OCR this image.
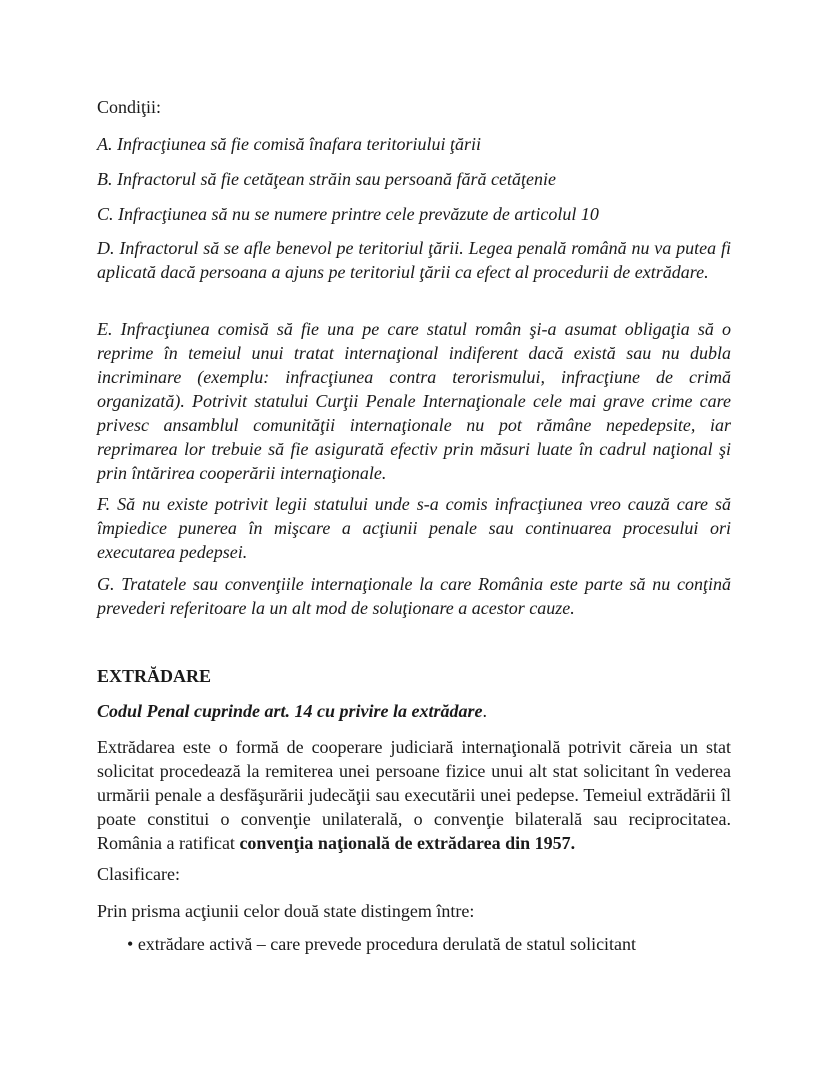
Condiţii:

A. Infracţiunea să fie comisă înafara teritoriului ţării

B. Infractorul să fie cetăţean străin sau persoană fără cetăţenie

C. Infracţiunea să nu se numere printre cele prevăzute de articolul 10

D. Infractorul să se afle benevol pe teritoriul ţării. Legea penală română nu va putea fi aplicată dacă persoana a ajuns pe teritoriul ţării ca efect al procedurii de extrădare.

E. Infracţiunea comisă să fie una pe care statul român şi-a asumat obligaţia să o reprime în temeiul unui tratat internaţional indiferent dacă există sau nu dubla incriminare (exemplu: infracţiunea contra terorismului, infracţiune de crimă organizată). Potrivit statului Curţii Penale Internaţionale cele mai grave crime care privesc ansamblul comunităţii internaţionale nu pot rămâne nepedepsite, iar reprimarea lor trebuie să fie asigurată efectiv prin măsuri luate în cadrul naţional şi prin întărirea cooperării internaţionale.

F. Să nu existe potrivit legii statului unde s-a comis infracţiunea vreo cauză care să împiedice punerea în mişcare a acţiunii penale sau continuarea procesului ori executarea pedepsei.

G. Tratatele sau convenţiile internaţionale la care România este parte să nu conţină prevederi referitoare la un alt mod de soluţionare a acestor cauze.

EXTRĂDARE

Codul Penal cuprinde art. 14 cu privire la extrădare.

Extrădarea este o formă de cooperare judiciară internaţională potrivit căreia un stat solicitat procedează la remiterea unei persoane fizice unui alt stat solicitant în vederea urmării penale a desfăşurării judecăţii sau executării unei pedepse. Temeiul extrădării îl poate constitui o convenţie unilaterală, o convenţie bilaterală sau reciprocitatea. România a ratificat convenţia naţională de extrădarea din 1957.

Clasificare:

Prin prisma acţiunii celor două state distingem între:

• extrădare activă – care prevede procedura derulată de statul solicitant
